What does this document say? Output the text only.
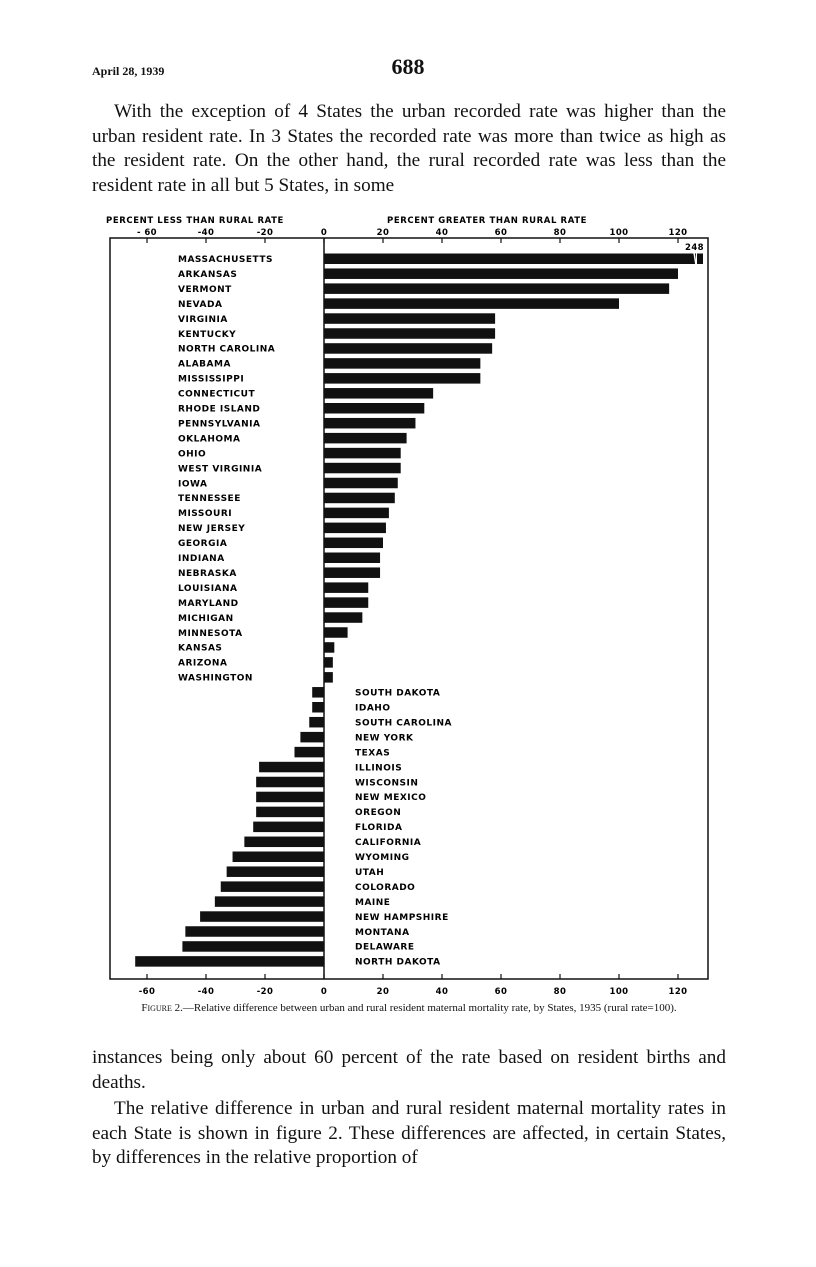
April 28, 1939	688

With the exception of 4 States the urban recorded rate was higher than the urban resident rate. In 3 States the recorded rate was more than twice as high as the resident rate. On the other hand, the rural recorded rate was less than the resident rate in all but 5 States, in some

PERCENT LESS THAN RURAL RATE	PERCENT GREATER THAN RURAL RATE
- 60
-60
-40
-40
-20
-20
0
0
20
20
40
40
60
60
80
80
100
100
120
120
248
MASSACHUSETTS
ARKANSAS
VERMONT
NEVADA
VIRGINIA
KENTUCKY
NORTH CAROLINA
ALABAMA
MISSISSIPPI
CONNECTICUT
RHODE ISLAND
PENNSYLVANIA
OKLAHOMA
OHIO
WEST VIRGINIA
IOWA
TENNESSEE
MISSOURI
NEW JERSEY
GEORGIA
INDIANA
NEBRASKA
LOUISIANA
MARYLAND
MICHIGAN
MINNESOTA
KANSAS
ARIZONA
WASHINGTON
SOUTH DAKOTA
IDAHO
SOUTH CAROLINA
NEW YORK
TEXAS
ILLINOIS
WISCONSIN
NEW MEXICO
OREGON
FLORIDA
CALIFORNIA
WYOMING
UTAH
COLORADO
MAINE
NEW HAMPSHIRE
MONTANA
DELAWARE
NORTH DAKOTA
Figure 2.—Relative difference between urban and rural resident maternal mortality rate, by States, 1935 (rural rate=100).

instances being only about 60 percent of the rate based on resident births and deaths.

The relative difference in urban and rural resident maternal mortality rates in each State is shown in figure 2. These differences are affected, in certain States, by differences in the relative proportion of
